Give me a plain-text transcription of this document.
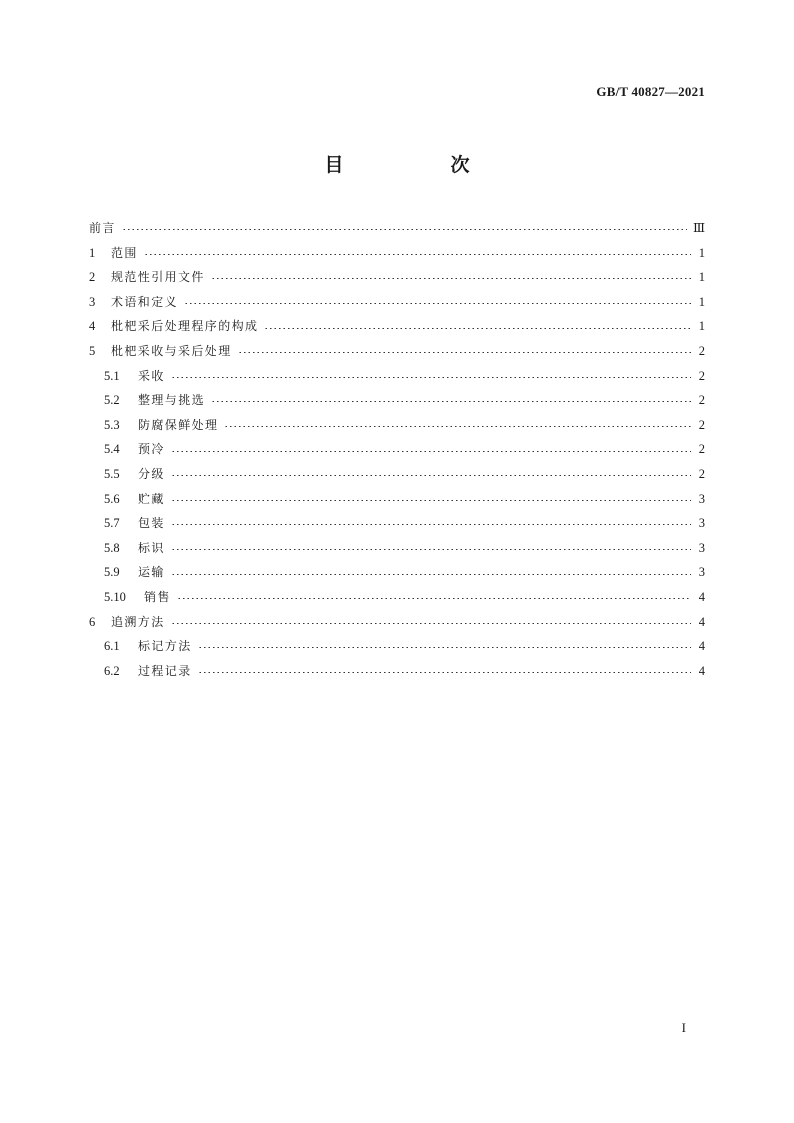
GB/T 40827—2021
目　次
前言	Ⅲ
1	范围	1
2	规范性引用文件	1
3	术语和定义	1
4	枇杷采后处理程序的构成	1
5	枇杷采收与采后处理	2
5.1	采收	2
5.2	整理与挑选	2
5.3	防腐保鲜处理	2
5.4	预冷	2
5.5	分级	2
5.6	贮藏	3
5.7	包装	3
5.8	标识	3
5.9	运输	3
5.10	销售	4
6	追溯方法	4
6.1	标记方法	4
6.2	过程记录	4
I
